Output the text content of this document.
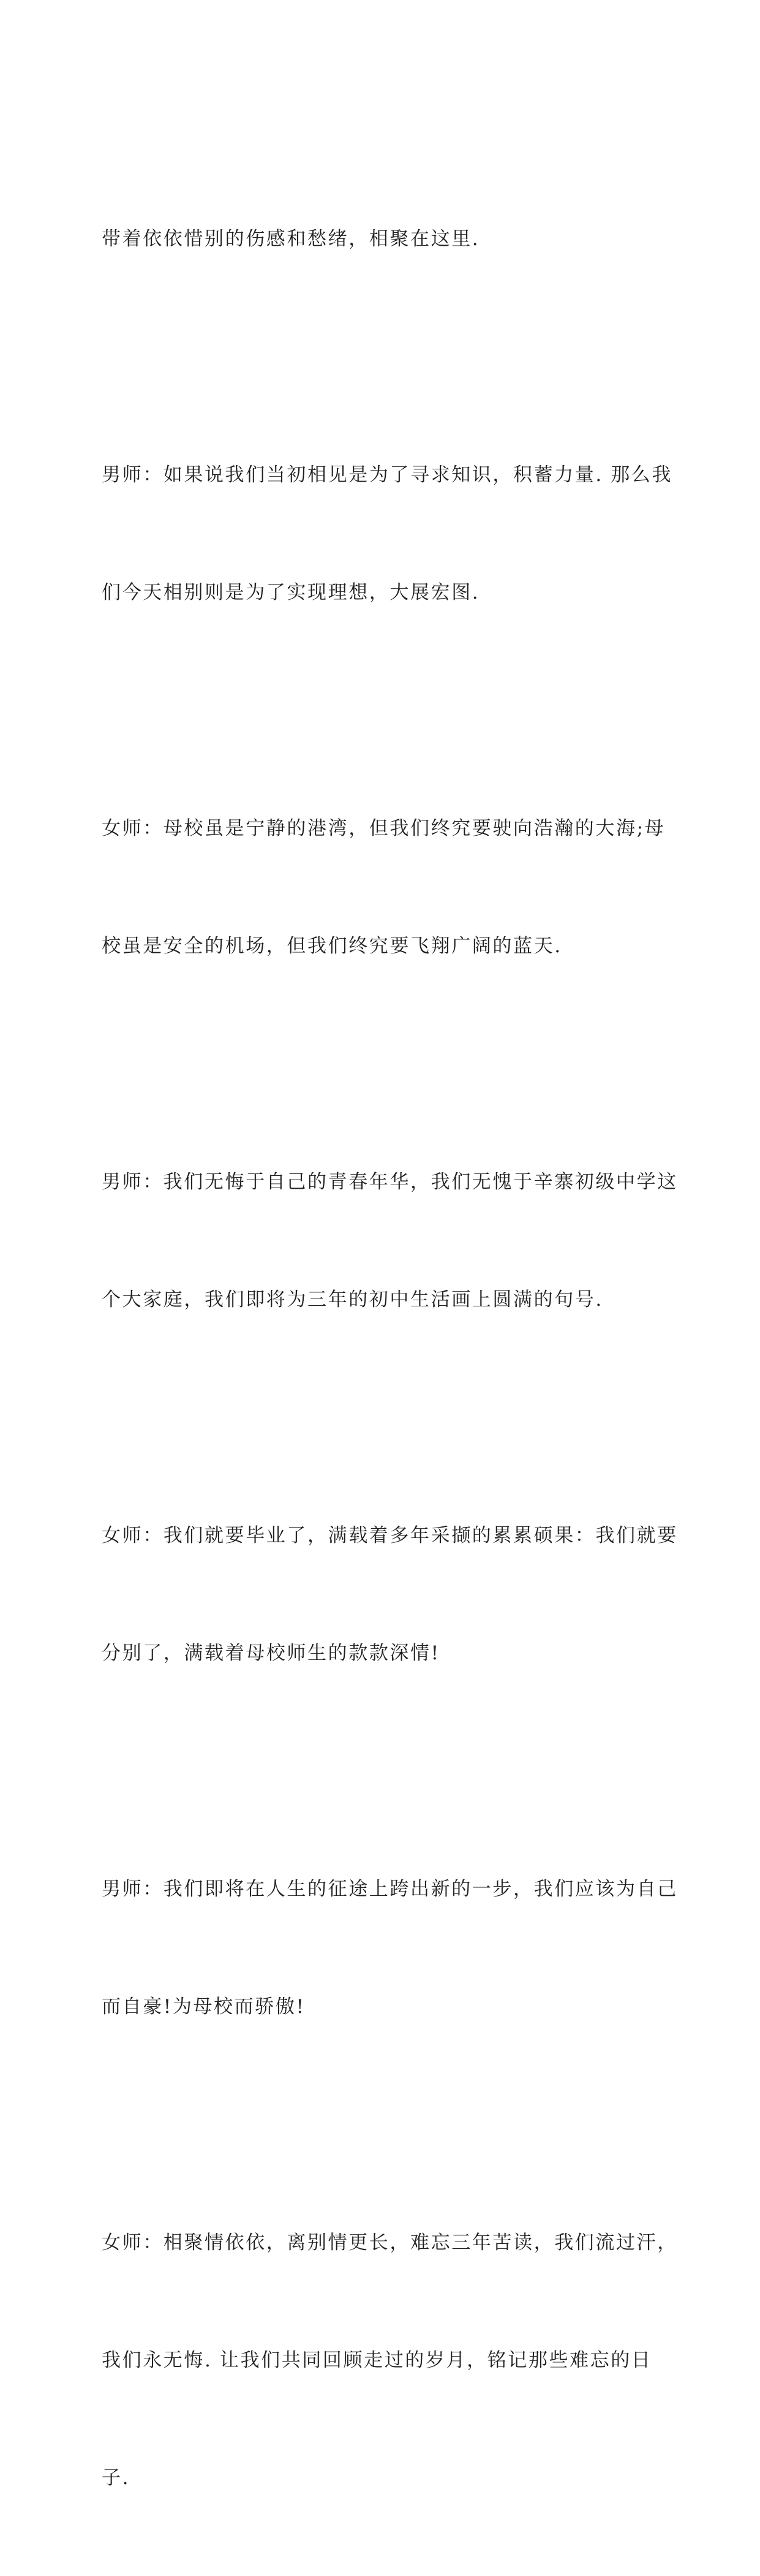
带着依依惜别的伤感和愁绪，相聚在这里.

男师：如果说我们当初相见是为了寻求知识，积蓄力量. 那么我

们今天相别则是为了实现理想，大展宏图.

女师：母校虽是宁静的港湾，但我们终究要驶向浩瀚的大海;母

校虽是安全的机场，但我们终究要飞翔广阔的蓝天.

男师：我们无悔于自己的青春年华，我们无愧于辛寨初级中学这

个大家庭，我们即将为三年的初中生活画上圆满的句号.

女师：我们就要毕业了，满载着多年采撷的累累硕果：我们就要

分别了，满载着母校师生的款款深情!

男师：我们即将在人生的征途上跨出新的一步，我们应该为自己

而自豪!为母校而骄傲!

女师：相聚情依依，离别情更长，难忘三年苦读，我们流过汗，

我们永无悔. 让我们共同回顾走过的岁月，铭记那些难忘的日

子.
